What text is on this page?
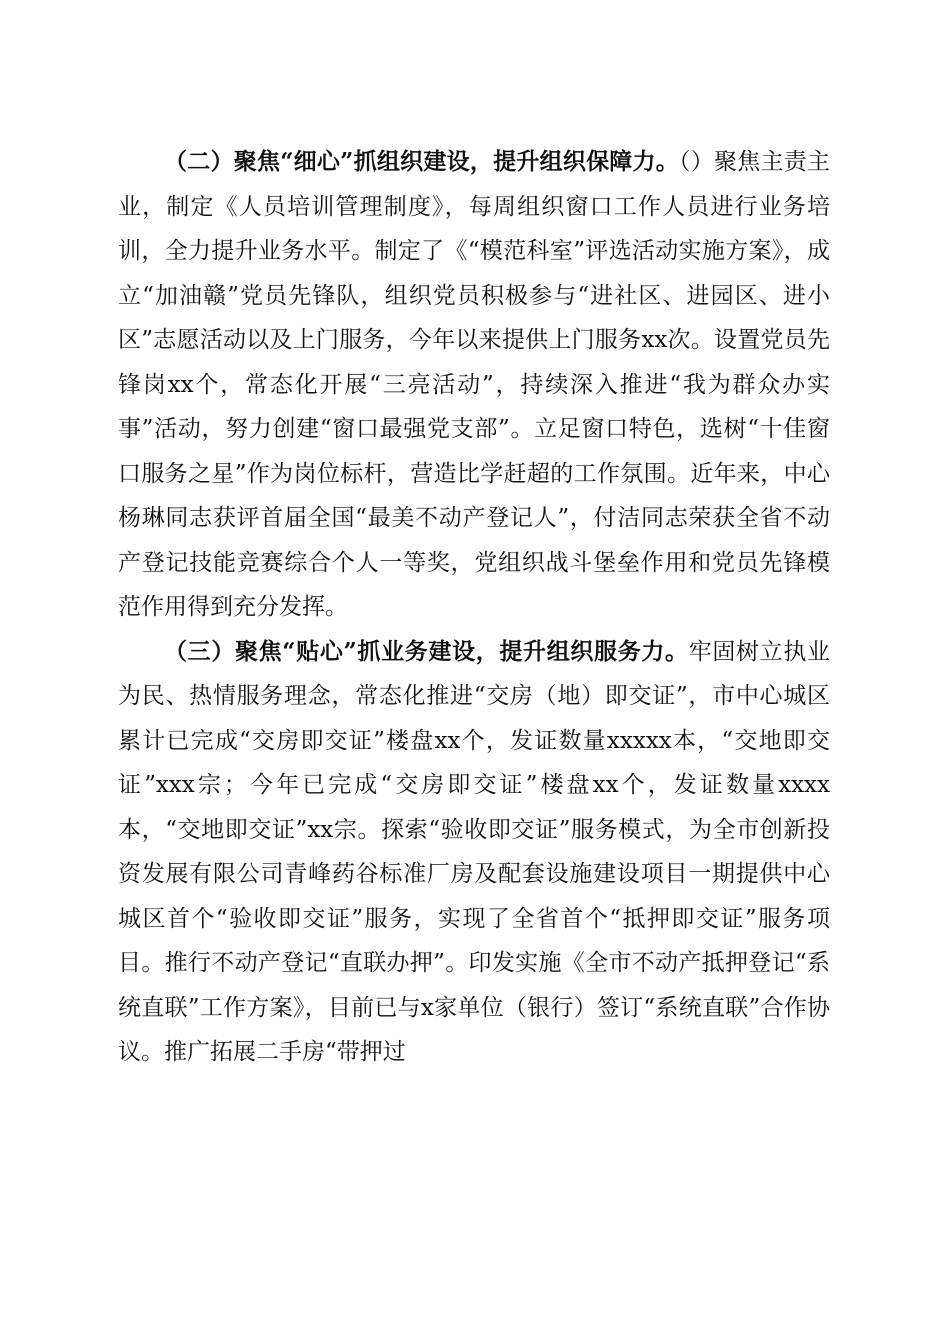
（二）聚焦“细心”抓组织建设，提升组织保障力。（）聚焦主责主业，制定《人员培训管理制度》，每周组织窗口工作人员进行业务培训，全力提升业务水平。制定了《“模范科室”评选活动实施方案》，成立“加油赣”党员先锋队，组织党员积极参与“进社区、进园区、进小区”志愿活动以及上门服务，今年以来提供上门服务xx次。设置党员先锋岗xx个，常态化开展“三亮活动”，持续深入推进“我为群众办实事”活动，努力创建“窗口最强党支部”。立足窗口特色，选树“十佳窗口服务之星”作为岗位标杆，营造比学赶超的工作氛围。近年来，中心杨琳同志获评首届全国“最美不动产登记人”，付洁同志荣获全省不动产登记技能竞赛综合个人一等奖，党组织战斗堡垒作用和党员先锋模范作用得到充分发挥。

（三）聚焦“贴心”抓业务建设，提升组织服务力。牢固树立执业为民、热情服务理念，常态化推进“交房（地）即交证”，市中心城区累计已完成“交房即交证”楼盘xx个，发证数量xxxxx本，“交地即交证”xxx宗；今年已完成“交房即交证”楼盘xx个，发证数量xxxx本，“交地即交证”xx宗。探索“验收即交证”服务模式，为全市创新投资发展有限公司青峰药谷标准厂房及配套设施建设项目一期提供中心城区首个“验收即交证”服务，实现了全省首个“抵押即交证”服务项目。推行不动产登记“直联办押”。印发实施《全市不动产抵押登记“系统直联”工作方案》，目前已与x家单位（银行）签订“系统直联”合作协议。推广拓展二手房“带押过
